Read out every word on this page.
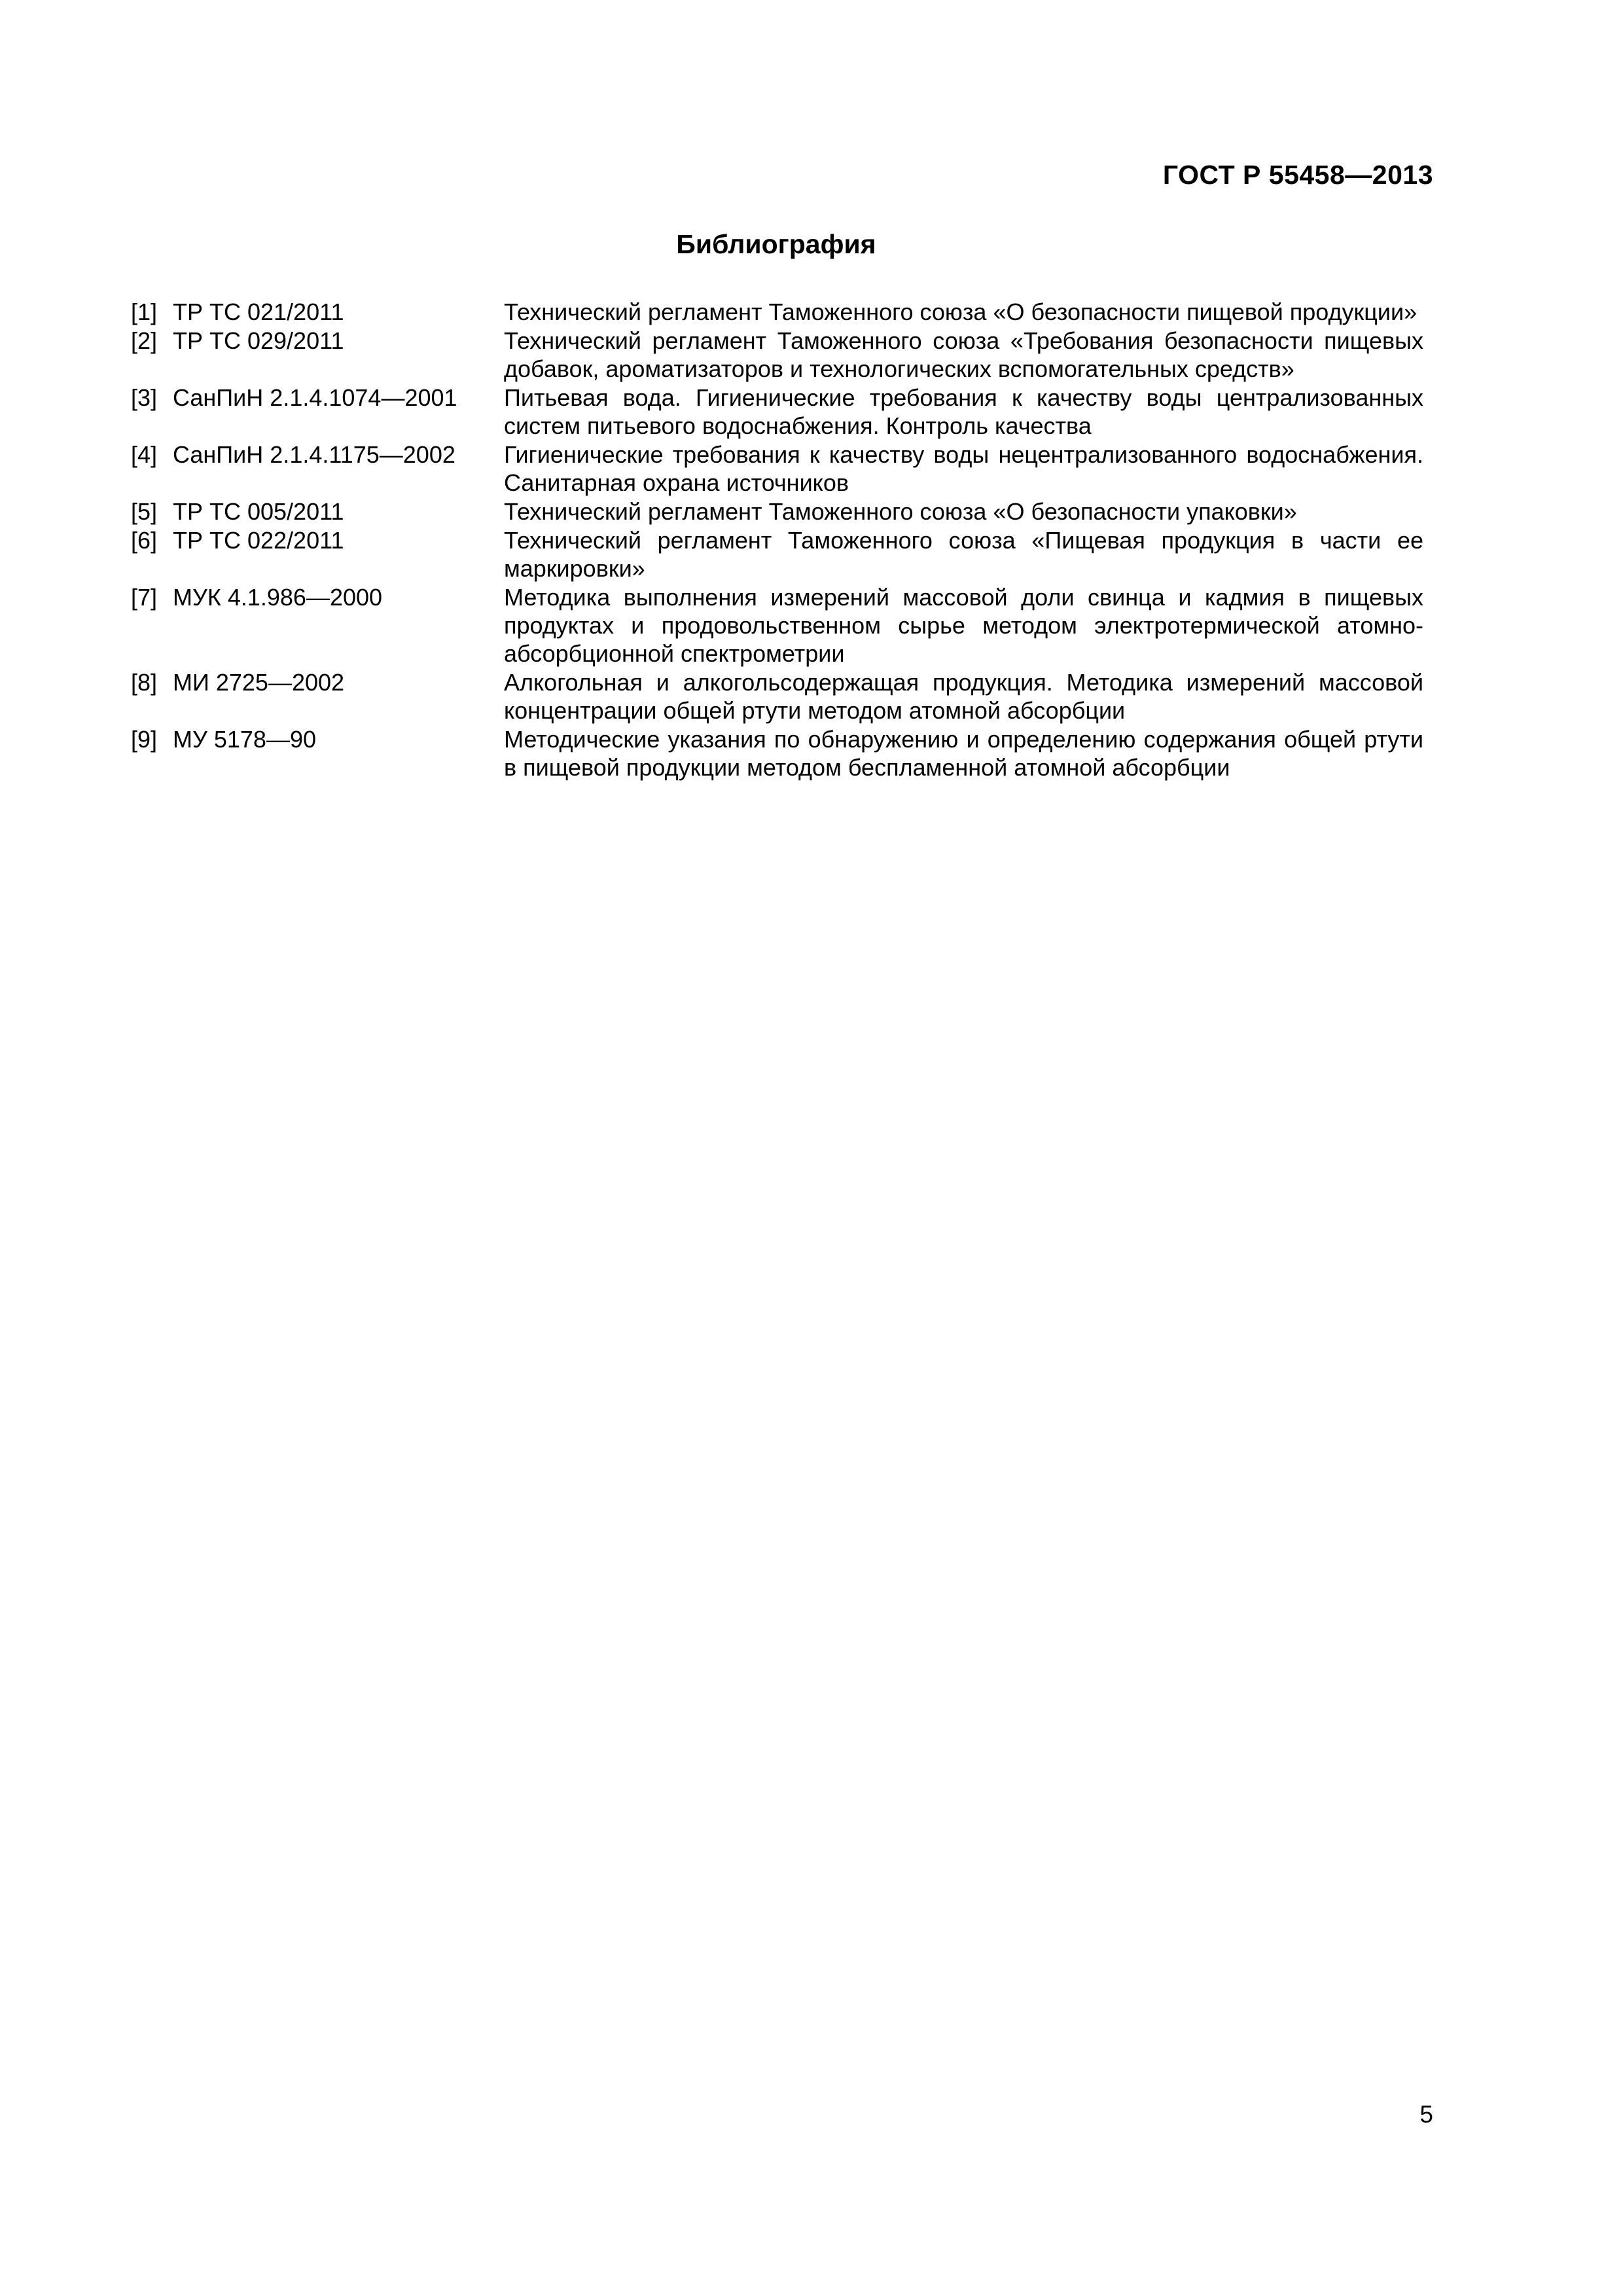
ГОСТ Р 55458—2013
Библиография
[1] ТР ТС 021/2011	Технический регламент Таможенного союза «О безопасности пищевой продукции»
[2] ТР ТС 029/2011	Технический регламент Таможенного союза «Требования безопасности пищевых добавок, ароматизаторов и технологических вспомогательных средств»
[3] СанПиН 2.1.4.1074—2001	Питьевая вода. Гигиенические требования к качеству воды централизованных систем питьевого водоснабжения. Контроль качества
[4] СанПиН 2.1.4.1175—2002	Гигиенические требования к качеству воды нецентрализованного водоснабжения. Санитарная охрана источников
[5] ТР ТС 005/2011	Технический регламент Таможенного союза «О безопасности упаковки»
[6] ТР ТС 022/2011	Технический регламент Таможенного союза «Пищевая продукция в части ее маркировки»
[7] МУК 4.1.986—2000	Методика выполнения измерений массовой доли свинца и кадмия в пищевых продуктах и продовольственном сырье методом электротермической атомно-абсорбционной спектрометрии
[8] МИ 2725—2002	Алкогольная и алкогольсодержащая продукция. Методика измерений массовой концентрации общей ртути методом атомной абсорбции
[9] МУ 5178—90	Методические указания по обнаружению и определению содержания общей ртути в пищевой продукции методом беспламенной атомной абсорбции
5
